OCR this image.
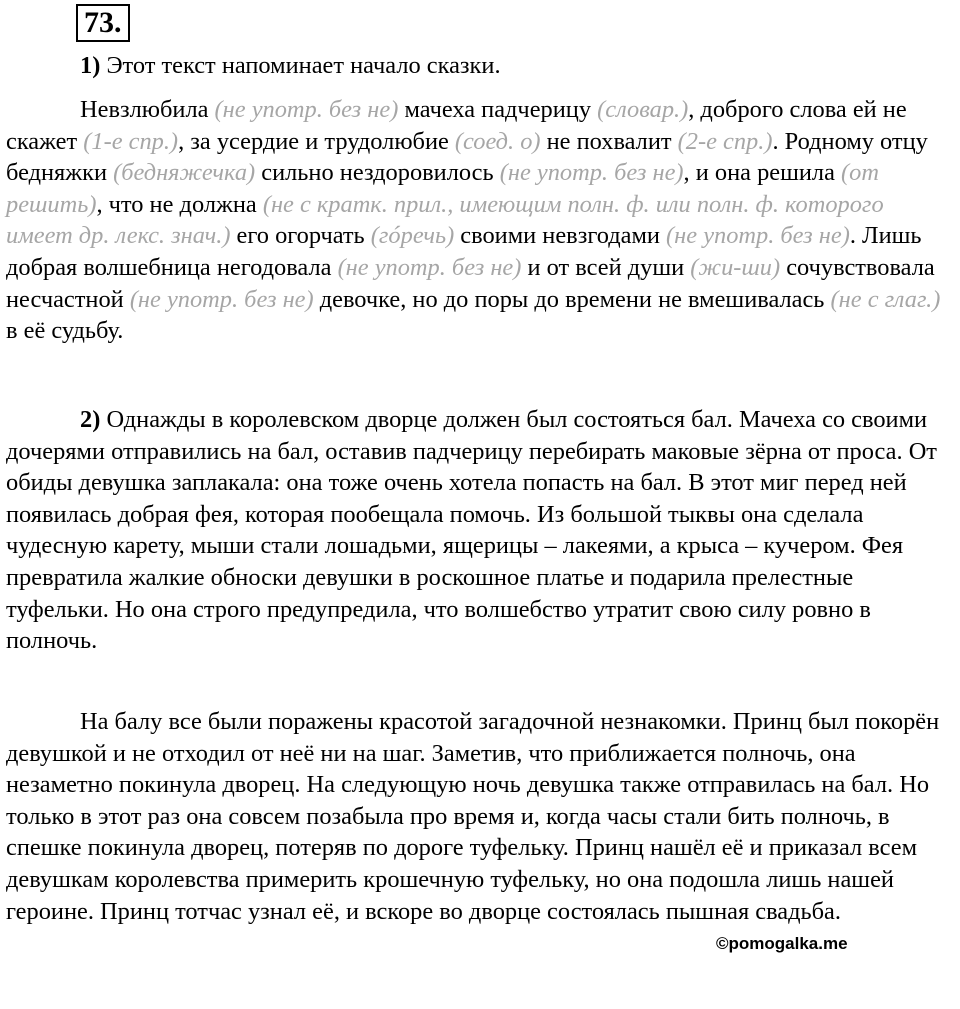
73.

1) Этот текст напоминает начало сказки.

Невзлюбила (не употр. без не) мачеха падчерицу (словар.), доброго слова ей не скажет (1-е спр.), за усердие и трудолюбие (соед. о) не похвалит (2-е спр.). Родному отцу бедняжки (бедняжечка) сильно нездоровилось (не употр. без не), и она решила (от решить), что не должна (не с кратк. прил., имеющим полн. ф. или полн. ф. которого имеет др. лекс. знач.) его огорчать (гóречь) своими невзгодами (не употр. без не). Лишь добрая волшебница негодовала (не употр. без не) и от всей души (жи-ши) сочувствовала несчастной (не употр. без не) девочке, но до поры до времени не вмешивалась (не с глаг.) в её судьбу.

2) Однажды в королевском дворце должен был состояться бал. Мачеха со своими дочерями отправились на бал, оставив падчерицу перебирать маковые зёрна от проса. От обиды девушка заплакала: она тоже очень хотела попасть на бал. В этот миг перед ней появилась добрая фея, которая пообещала помочь. Из большой тыквы она сделала чудесную карету, мыши стали лошадьми, ящерицы – лакеями, а крыса – кучером. Фея превратила жалкие обноски девушки в роскошное платье и подарила прелестные туфельки. Но она строго предупредила, что волшебство утратит свою силу ровно в полночь.

На балу все были поражены красотой загадочной незнакомки. Принц был покорён девушкой и не отходил от неё ни на шаг. Заметив, что приближается полночь, она незаметно покинула дворец. На следующую ночь девушка также отправилась на бал. Но только в этот раз она совсем позабыла про время и, когда часы стали бить полночь, в спешке покинула дворец, потеряв по дороге туфельку. Принц нашёл её и приказал всем девушкам королевства примерить крошечную туфельку, но она подошла лишь нашей героине. Принц тотчас узнал её, и вскоре во дворце состоялась пышная свадьба.

©pomogalka.me
